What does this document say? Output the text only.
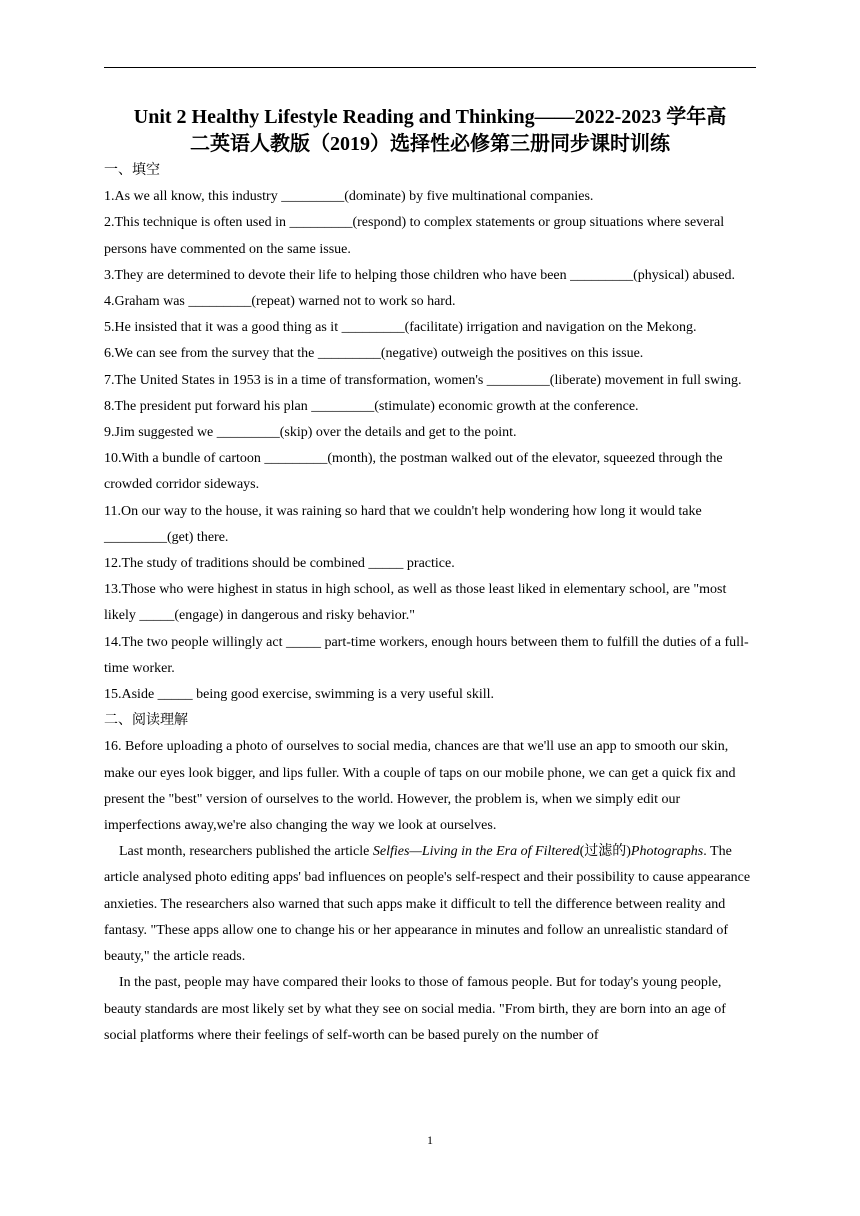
Unit 2 Healthy Lifestyle Reading and Thinking——2022-2023 学年高
二英语人教版（2019）选择性必修第三册同步课时训练
一、填空
1.As we all know, this industry _________(dominate) by five multinational companies.
2.This technique is often used in _________(respond) to complex statements or group situations where several persons have commented on the same issue.
3.They are determined to devote their life to helping those children who have been _________(physical) abused.
4.Graham was _________(repeat) warned not to work so hard.
5.He insisted that it was a good thing as it _________(facilitate) irrigation and navigation on the Mekong.
6.We can see from the survey that the _________(negative) outweigh the positives on this issue.
7.The United States in 1953 is in a time of transformation, women's _________(liberate) movement in full swing.
8.The president put forward his plan _________(stimulate) economic growth at the conference.
9.Jim suggested we _________(skip) over the details and get to the point.
10.With a bundle of cartoon _________(month), the postman walked out of the elevator, squeezed through the crowded corridor sideways.
11.On our way to the house, it was raining so hard that we couldn't help wondering how long it would take _________(get) there.
12.The study of traditions should be combined _____ practice.
13.Those who were highest in status in high school, as well as those least liked in elementary school, are "most likely _____(engage) in dangerous and risky behavior."
14.The two people willingly act _____ part-time workers, enough hours between them to fulfill the duties of a full-time worker.
15.Aside _____ being good exercise, swimming is a very useful skill.
二、阅读理解
16. Before uploading a photo of ourselves to social media, chances are that we'll use an app to smooth our skin, make our eyes look bigger, and lips fuller. With a couple of taps on our mobile phone, we can get a quick fix and present the "best" version of ourselves to the world. However, the problem is, when we simply edit our imperfections away,we're also changing the way we look at ourselves.
Last month, researchers published the article Selfies—Living in the Era of Filtered(过滤的)Photographs. The article analysed photo editing apps' bad influences on people's self-respect and their possibility to cause appearance anxieties. The researchers also warned that such apps make it difficult to tell the difference between reality and fantasy. "These apps allow one to change his or her appearance in minutes and follow an unrealistic standard of beauty," the article reads.
In the past, people may have compared their looks to those of famous people. But for today's young people, beauty standards are most likely set by what they see on social media. "From birth, they are born into an age of social platforms where their feelings of self-worth can be based purely on the number of
1
